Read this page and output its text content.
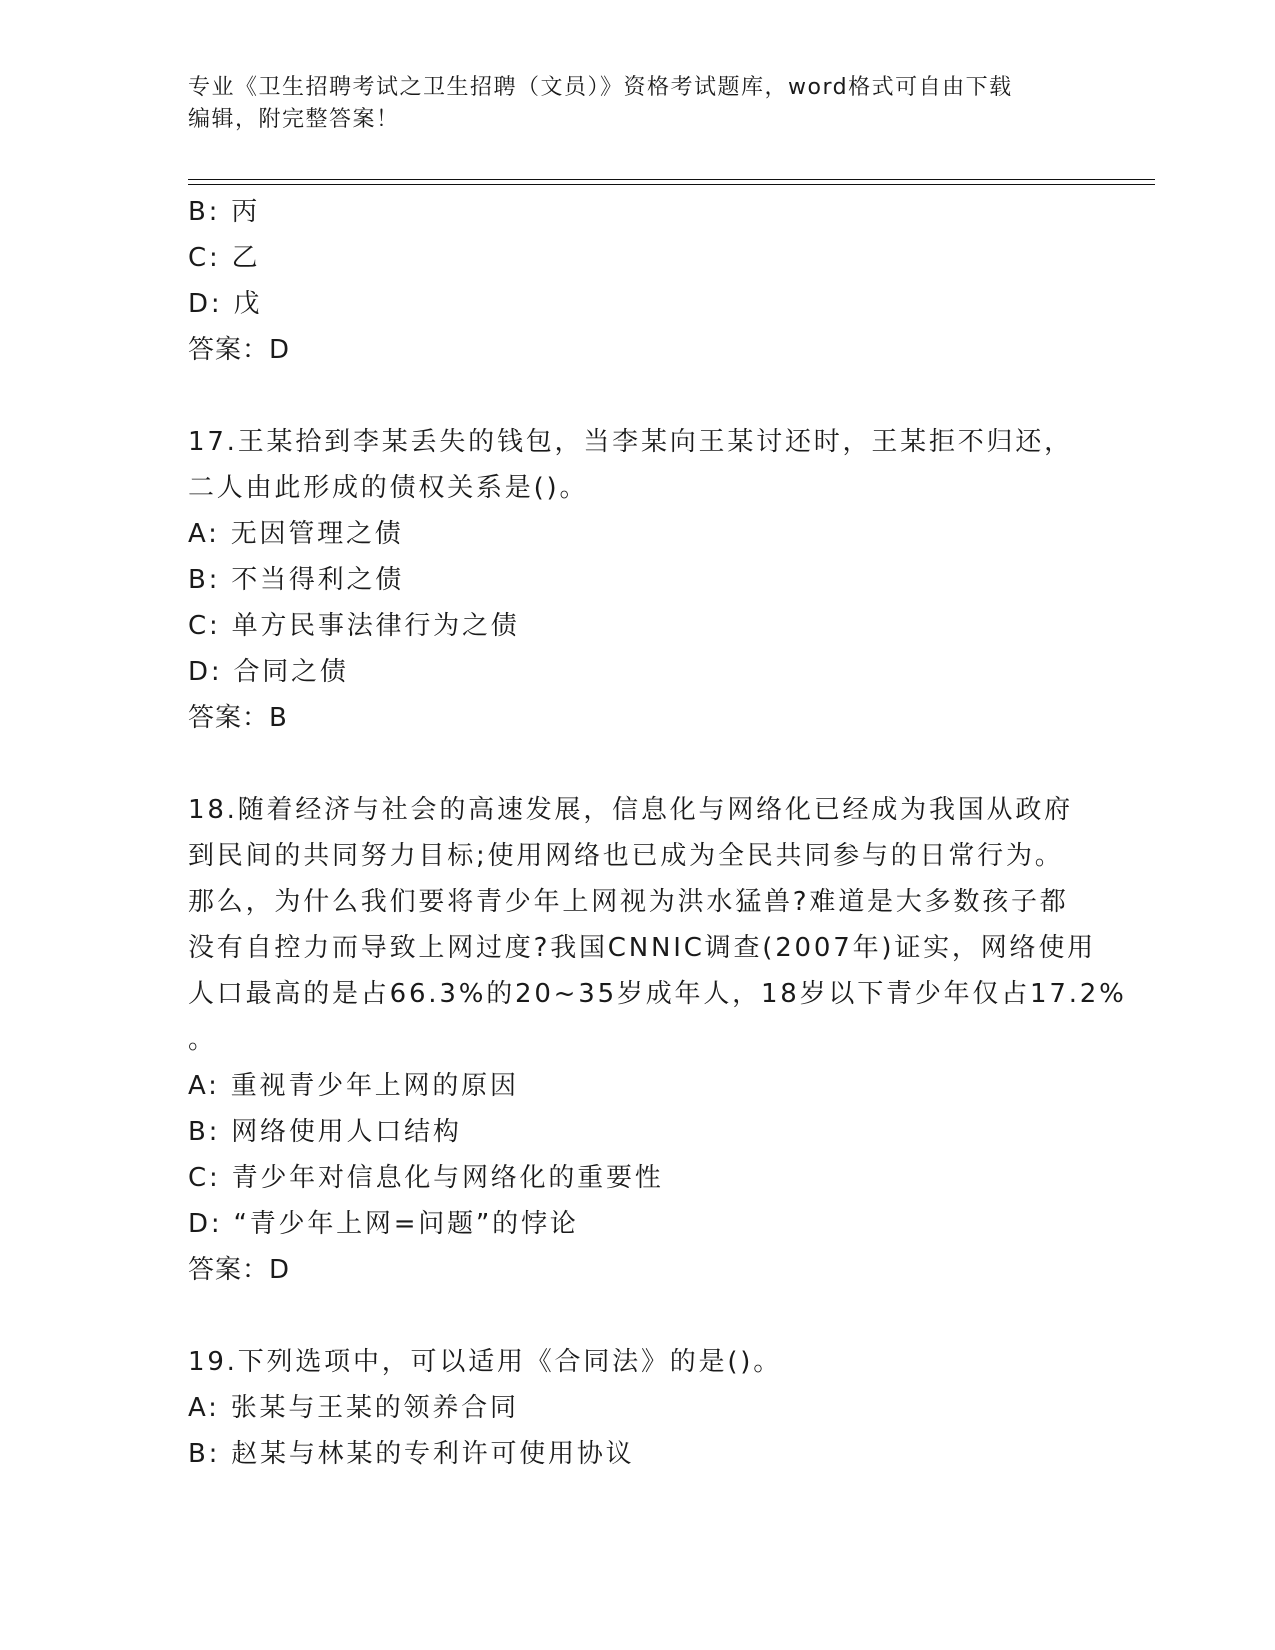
专业《卫生招聘考试之卫生招聘（文员）》资格考试题库，word格式可自由下载
编辑，附完整答案！
B: 丙
C: 乙
D: 戊
答案：D
17.王某拾到李某丢失的钱包，当李某向王某讨还时，王某拒不归还，
二人由此形成的债权关系是()。
A: 无因管理之债
B: 不当得利之债
C: 单方民事法律行为之债
D: 合同之债
答案：B
18.随着经济与社会的高速发展，信息化与网络化已经成为我国从政府
到民间的共同努力目标;使用网络也已成为全民共同参与的日常行为。
那么，为什么我们要将青少年上网视为洪水猛兽?难道是大多数孩子都
没有自控力而导致上网过度?我国CNNIC调查(2007年)证实，网络使用
人口最高的是占66.3%的20~35岁成年人，18岁以下青少年仅占17.2%
。
A: 重视青少年上网的原因
B: 网络使用人口结构
C: 青少年对信息化与网络化的重要性
D: “青少年上网=问题”的悖论
答案：D
19.下列选项中，可以适用《合同法》的是()。
A: 张某与王某的领养合同
B: 赵某与林某的专利许可使用协议
